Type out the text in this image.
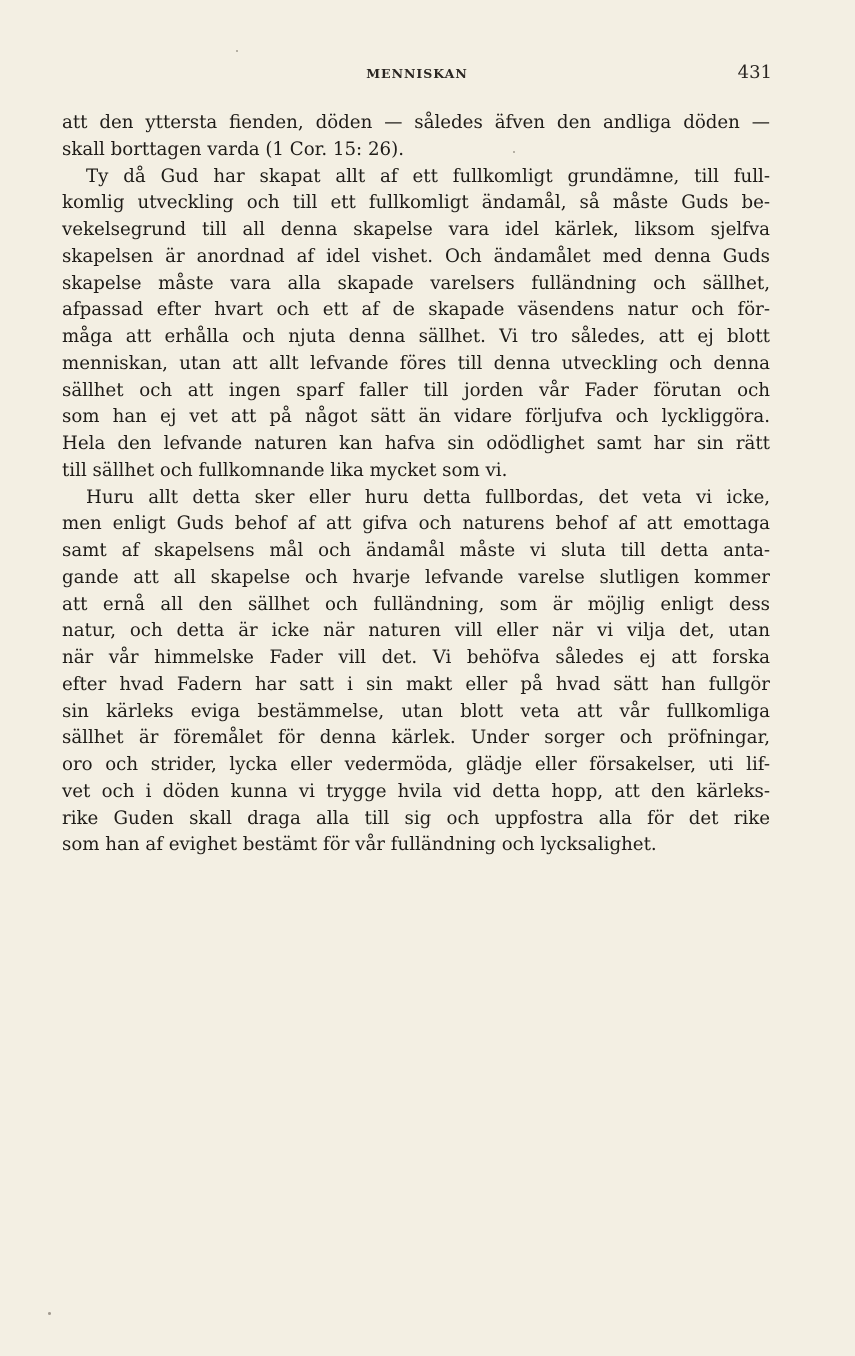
MENNISKAN	431
att den yttersta fienden, döden — således äfven den andliga döden —
skall borttagen varda (1 Cor. 15: 26).
Ty då Gud har skapat allt af ett fullkomligt grundämne, till full-
komlig utveckling och till ett fullkomligt ändamål, så måste Guds be-
vekelsegrund till all denna skapelse vara idel kärlek, liksom sjelfva
skapelsen är anordnad af idel vishet. Och ändamålet med denna Guds
skapelse måste vara alla skapade varelsers fulländning och sällhet,
afpassad efter hvart och ett af de skapade väsendens natur och för-
måga att erhålla och njuta denna sällhet. Vi tro således, att ej blott
menniskan, utan att allt lefvande föres till denna utveckling och denna
sällhet och att ingen sparf faller till jorden vår Fader förutan och
som han ej vet att på något sätt än vidare förljufva och lyckliggöra.
Hela den lefvande naturen kan hafva sin odödlighet samt har sin rätt
till sällhet och fullkomnande lika mycket som vi.
Huru allt detta sker eller huru detta fullbordas, det veta vi icke,
men enligt Guds behof af att gifva och naturens behof af att emottaga
samt af skapelsens mål och ändamål måste vi sluta till detta anta-
gande att all skapelse och hvarje lefvande varelse slutligen kommer
att ernå all den sällhet och fulländning, som är möjlig enligt dess
natur, och detta är icke när naturen vill eller när vi vilja det, utan
när vår himmelske Fader vill det. Vi behöfva således ej att forska
efter hvad Fadern har satt i sin makt eller på hvad sätt han fullgör
sin kärleks eviga bestämmelse, utan blott veta att vår fullkomliga
sällhet är föremålet för denna kärlek. Under sorger och pröfningar,
oro och strider, lycka eller vedermöda, glädje eller försakelser, uti lif-
vet och i döden kunna vi trygge hvila vid detta hopp, att den kärleks-
rike Guden skall draga alla till sig och uppfostra alla för det rike
som han af evighet bestämt för vår fulländning och lycksalighet.
